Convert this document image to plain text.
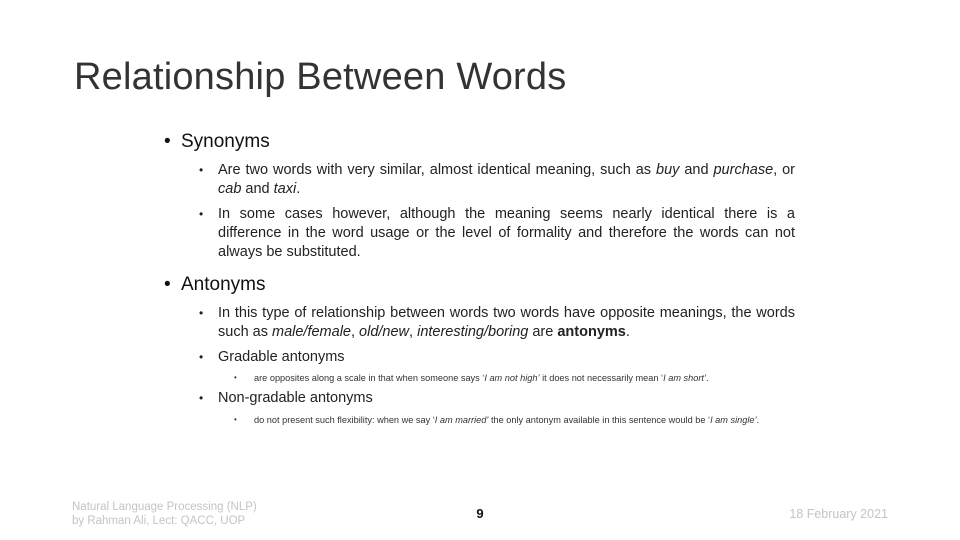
Relationship Between Words
• Synonyms
• Are two words with very similar, almost identical meaning, such as buy and purchase, or cab and taxi.
• In some cases however, although the meaning seems nearly identical there is a difference in the word usage or the level of formality and therefore the words can not always be substituted.
• Antonyms
• In this type of relationship between words two words have opposite meanings, the words such as male/female, old/new, interesting/boring are antonyms.
• Gradable antonyms
• are opposites along a scale in that when someone says ‘I am not high’ it does not necessarily mean ‘I am short’.
• Non-gradable antonyms
• do not present such flexibility: when we say ‘I am married’ the only antonym available in this sentence would be ‘I am single’.
Natural Language Processing (NLP)
by Rahman Ali, Lect: QACC, UOP	9	18 February 2021
